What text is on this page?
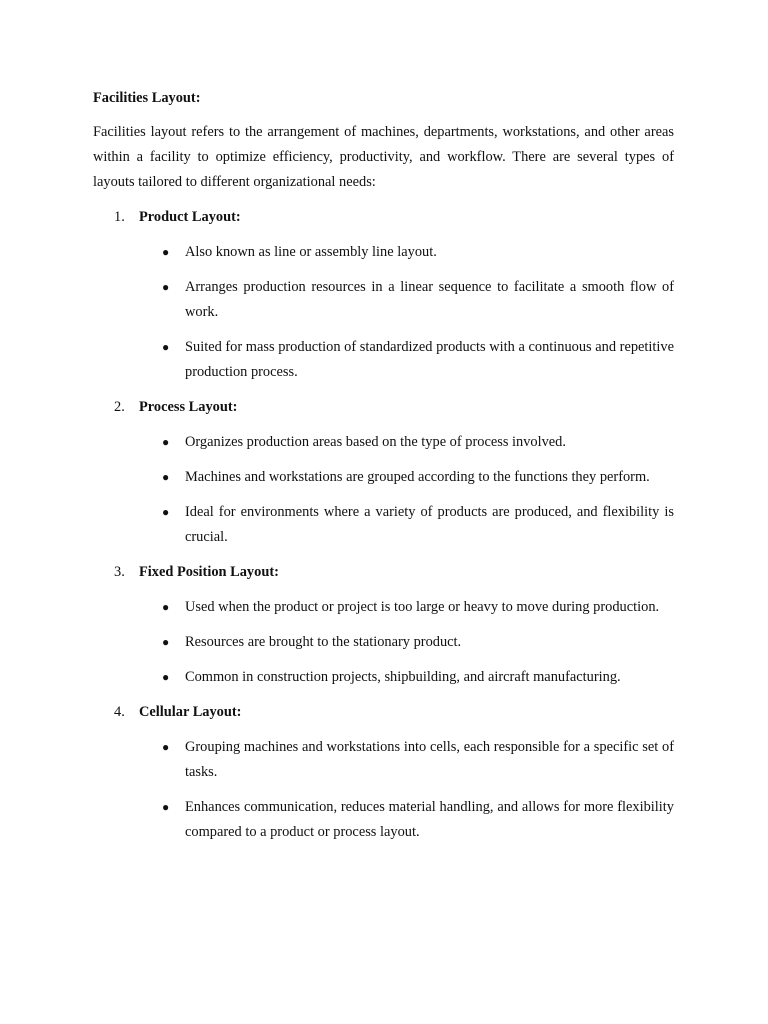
Facilities Layout:

Facilities layout refers to the arrangement of machines, departments, workstations, and other areas within a facility to optimize efficiency, productivity, and workflow. There are several types of layouts tailored to different organizational needs:

1. Product Layout:
● Also known as line or assembly line layout.
● Arranges production resources in a linear sequence to facilitate a smooth flow of work.
● Suited for mass production of standardized products with a continuous and repetitive production process.
2. Process Layout:
● Organizes production areas based on the type of process involved.
● Machines and workstations are grouped according to the functions they perform.
● Ideal for environments where a variety of products are produced, and flexibility is crucial.
3. Fixed Position Layout:
● Used when the product or project is too large or heavy to move during production.
● Resources are brought to the stationary product.
● Common in construction projects, shipbuilding, and aircraft manufacturing.
4. Cellular Layout:
● Grouping machines and workstations into cells, each responsible for a specific set of tasks.
● Enhances communication, reduces material handling, and allows for more flexibility compared to a product or process layout.
